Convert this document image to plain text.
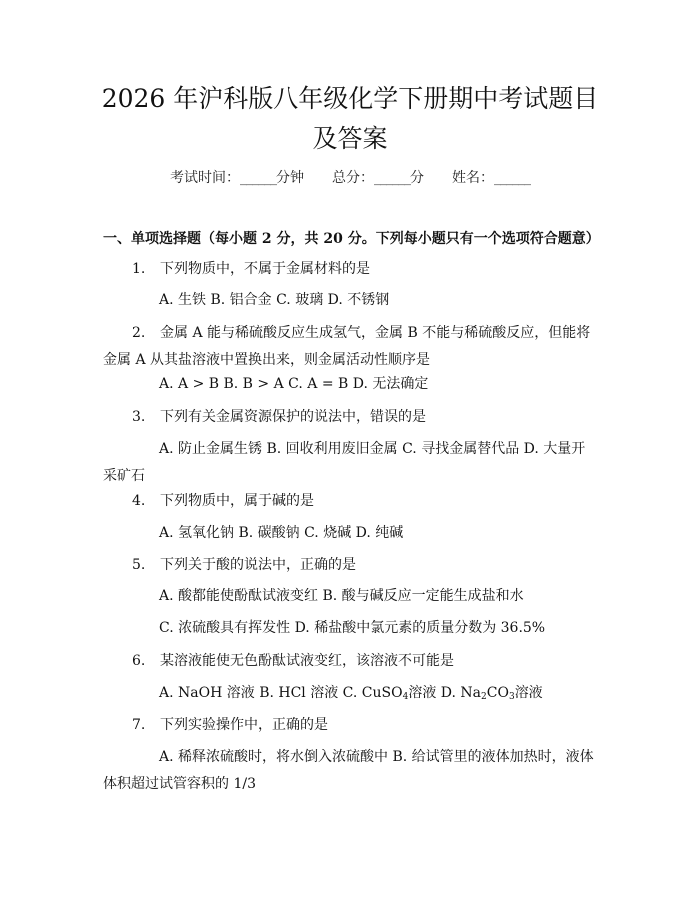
2026 年沪科版八年级化学下册期中考试题目
及答案
考试时间：______分钟 总分：______分 姓名：______
一、单项选择题（每小题 2 分，共 20 分。下列每小题只有一个选项符合题意）
1. 下列物质中，不属于金属材料的是
A. 生铁 B. 铝合金 C. 玻璃 D. 不锈钢
2. 金属 A 能与稀硫酸反应生成氢气，金属 B 不能与稀硫酸反应，但能将金属 A 从其盐溶液中置换出来，则金属活动性顺序是
A. A > B B. B > A C. A = B D. 无法确定
3. 下列有关金属资源保护的说法中，错误的是
A. 防止金属生锈 B. 回收利用废旧金属 C. 寻找金属替代品 D. 大量开采矿石
4. 下列物质中，属于碱的是
A. 氢氧化钠 B. 碳酸钠 C. 烧碱 D. 纯碱
5. 下列关于酸的说法中，正确的是
A. 酸都能使酚酞试液变红 B. 酸与碱反应一定能生成盐和水
C. 浓硫酸具有挥发性 D. 稀盐酸中氯元素的质量分数为 36.5%
6. 某溶液能使无色酚酞试液变红，该溶液不可能是
A. NaOH 溶液 B. HCl 溶液 C. CuSO$_4$溶液 D. $Na_2CO_3$溶液
7. 下列实验操作中，正确的是
A. 稀释浓硫酸时，将水倒入浓硫酸中 B. 给试管里的液体加热时，液体体积超过试管容积的 1/3
